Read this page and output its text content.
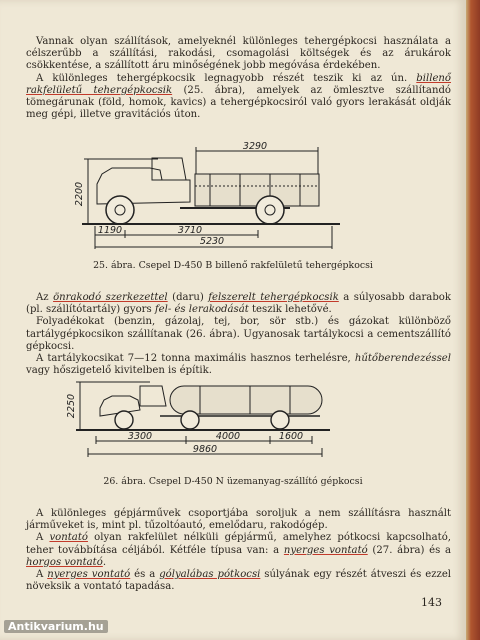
Vannak olyan szállítások, amelyeknél különleges tehergépkocsi használata a célszerűbb a szállítási, rakodási, csomagolási költségek és az árukárok csökkentése, a szállított áru minőségének jobb megóvása érdekében.

A különleges tehergépkocsik legnagyobb részét teszik ki az ún. billenő rakfelületű tehergépkocsik (25. ábra), amelyek az ömlesztve szállítandó tömegárunak (föld, homok, kavics) a tehergépkocsiról való gyors lerakását oldják meg gépi, illetve gravitációs úton.

2200
3290
1190	3710
5230

25. ábra. Csepel D-450 B billenő rakfelületű tehergépkocsi

Az önrakodó szerkezettel (daru) felszerelt tehergépkocsik a súlyosabb darabok (pl. szállítótartály) gyors fel- és lerakodását teszik lehetővé.

Folyadékokat (benzin, gázolaj, tej, bor, sör stb.) és gázokat különböző tartálygépkocsikon szállítanak (26. ábra). Ugyanosak tartálykocsi a cementszállító gépkocsi.

A tartálykocsikat 7—12 tonna maximális hasznos terhelésre, hűtőberendezéssel vagy hőszigetelő kivitelben is építik.

2250
3300	4000	1600
9860

26. ábra. Csepel D-450 N üzemanyag-szállító gépkocsi

A különleges gépjárművek csoportjába soroljuk a nem szállításra használt járműveket is, mint pl. tűzoltóautó, emelődaru, rakodógép.

A vontató olyan rakfelület nélküli gépjármű, amelyhez pótkocsi kapcsolható, teher továbbítása céljából. Kétféle típusa van: a nyerges vontató (27. ábra) és a horgos vontató.

A nyerges vontató és a gólyalábas pótkocsi súlyának egy részét átveszi és ezzel növeksik a vontató tapadása.

143
Antikvarium.hu
